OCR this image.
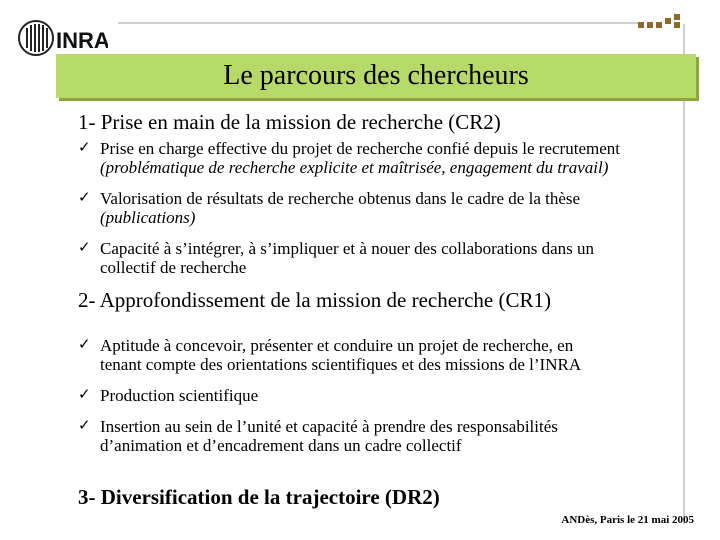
INRA
Le parcours des chercheurs
1- Prise en main de la mission de recherche (CR2)
✓ Prise en charge effective du projet de recherche confié depuis le recrutement
(problématique de recherche explicite et maîtrisée, engagement du travail)
✓ Valorisation de résultats de recherche obtenus dans le cadre de la thèse
(publications)
✓ Capacité à s’intégrer, à s’impliquer et à nouer des collaborations dans un
collectif de recherche
2- Approfondissement de la mission de recherche (CR1)
✓ Aptitude à concevoir, présenter et conduire un projet de recherche, en
tenant compte des orientations scientifiques et des missions de l’INRA
✓ Production scientifique
✓ Insertion au sein de l’unité et capacité à prendre des responsabilités
d’animation et d’encadrement dans un cadre collectif
3- Diversification de la trajectoire (DR2)
ANDès, Paris le 21 mai 2005
